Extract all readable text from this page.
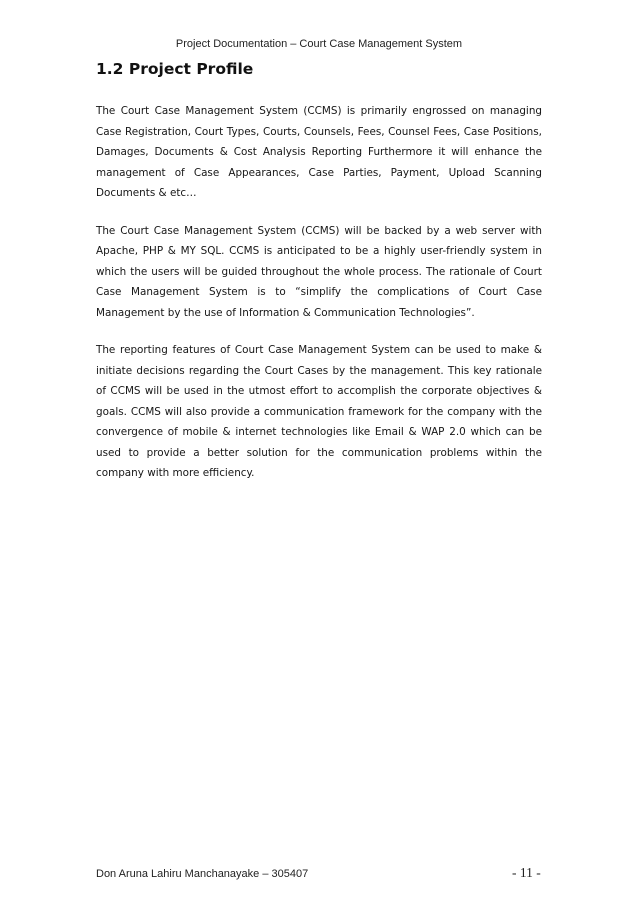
Project Documentation – Court Case Management System
1.2 Project Profile

The Court Case Management System (CCMS) is primarily engrossed on managing Case Registration, Court Types, Courts, Counsels, Fees, Counsel Fees, Case Positions, Damages, Documents & Cost Analysis Reporting Furthermore it will enhance the management of Case Appearances, Case Parties, Payment, Upload Scanning Documents & etc…

The Court Case Management System (CCMS) will be backed by a web server with Apache, PHP & MY SQL. CCMS is anticipated to be a highly user-friendly system in which the users will be guided throughout the whole process. The rationale of Court Case Management System is to “simplify the complications of Court Case Management by the use of Information & Communication Technologies”.

The reporting features of Court Case Management System can be used to make & initiate decisions regarding the Court Cases by the management. This key rationale of CCMS will be used in the utmost effort to accomplish the corporate objectives & goals. CCMS will also provide a communication framework for the company with the convergence of mobile & internet technologies like Email & WAP 2.0 which can be used to provide a better solution for the communication problems within the company with more efficiency.

Don Aruna Lahiru Manchanayake – 305407	- 11 -
